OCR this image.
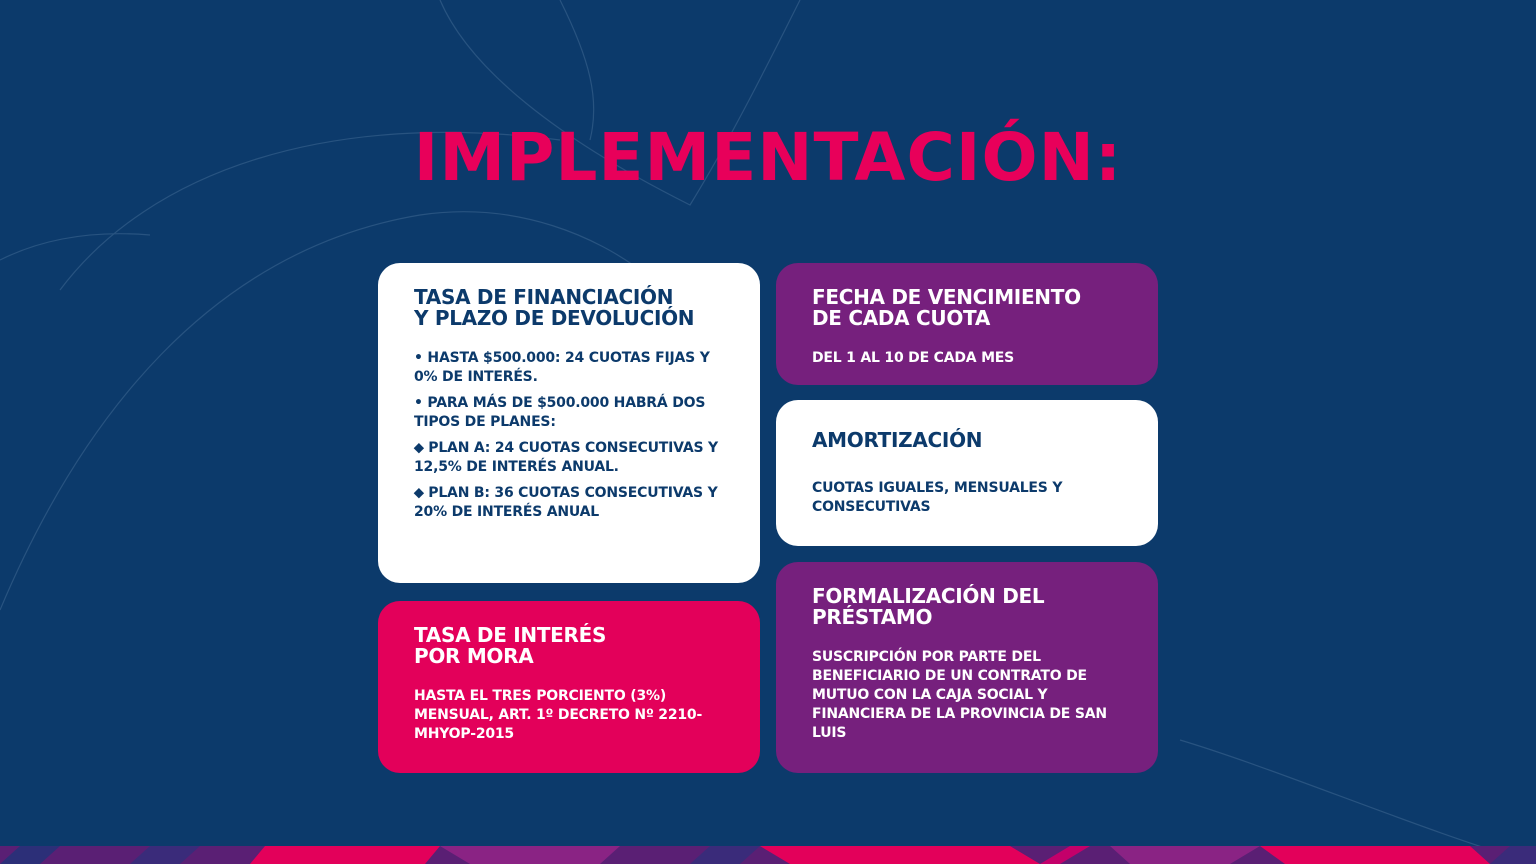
IMPLEMENTACIÓN:
TASA DE FINANCIACIÓN
Y PLAZO DE DEVOLUCIÓN

• HASTA $500.000: 24 CUOTAS FIJAS Y 0% DE INTERÉS.

• PARA MÁS DE $500.000 HABRÁ DOS TIPOS DE PLANES:

⬥ PLAN A: 24 CUOTAS CONSECUTIVAS Y 12,5% DE INTERÉS ANUAL.

⬥ PLAN B: 36 CUOTAS CONSECUTIVAS Y 20% DE INTERÉS ANUAL

TASA DE INTERÉS
POR MORA

HASTA EL TRES PORCIENTO (3%) MENSUAL, ART. 1º DECRETO Nº 2210-MHYOP-2015

FECHA DE VENCIMIENTO
DE CADA CUOTA

DEL 1 AL 10 DE CADA MES

AMORTIZACIÓN

CUOTAS IGUALES, MENSUALES Y CONSECUTIVAS

FORMALIZACIÓN DEL
PRÉSTAMO

SUSCRIPCIÓN POR PARTE DEL BENEFICIARIO DE UN CONTRATO DE MUTUO CON LA CAJA SOCIAL Y FINANCIERA DE LA PROVINCIA DE SAN LUIS
